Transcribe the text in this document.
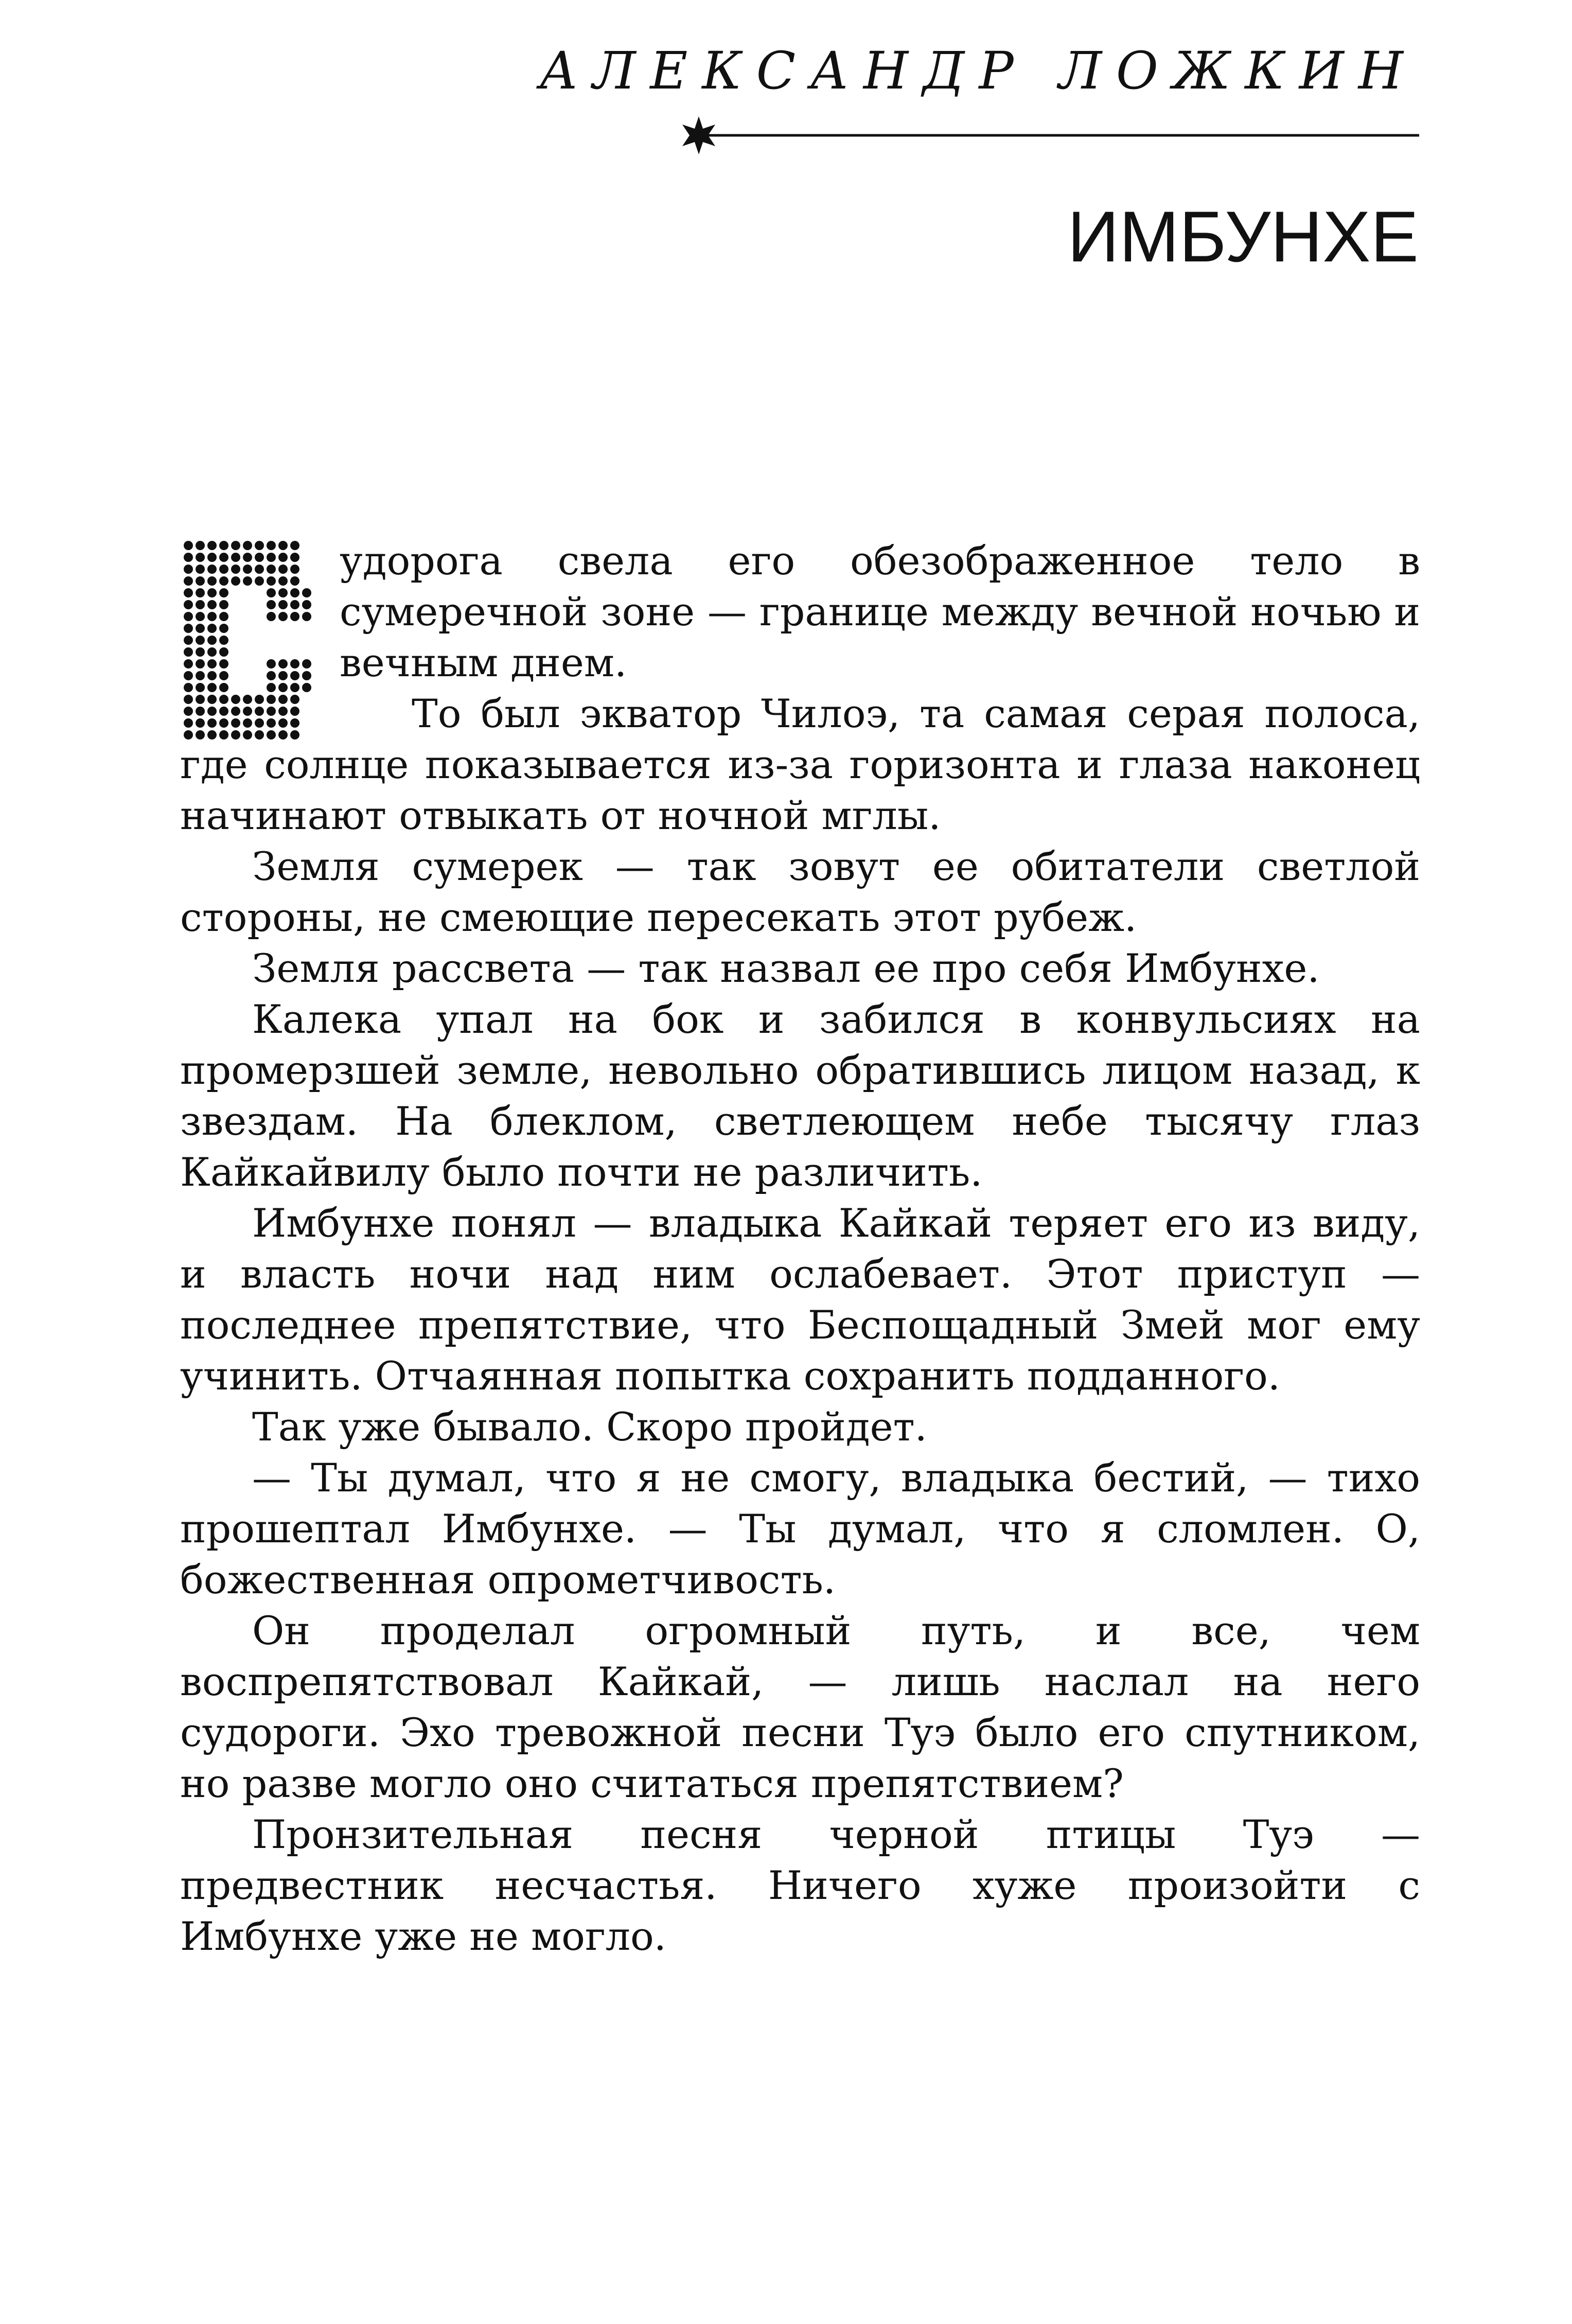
АЛЕКСАНДР ЛОЖКИН
ИМБУНХЕ

удорога свела его обезображенное тело в сумеречной зоне — границе между вечной ночью и вечным днем.

То был экватор Чилоэ, та самая серая полоса, где солнце показывается из-за горизонта и глаза наконец начинают отвыкать от ночной мглы.

Земля сумерек — так зовут ее обитатели светлой стороны, не смеющие пересекать этот рубеж.

Земля рассвета — так назвал ее про себя Имбунхе.

Калека упал на бок и забился в конвульсиях на промерзшей земле, невольно обратившись лицом назад, к звездам. На блеклом, светлеющем небе тысячу глаз Кайкайвилу было почти не различить.

Имбунхе понял — владыка Кайкай теряет его из виду, и власть ночи над ним ослабевает. Этот приступ — последнее препятствие, что Беспощадный Змей мог ему учинить. Отчаянная попытка сохранить подданного.

Так уже бывало. Скоро пройдет.

— Ты думал, что я не смогу, владыка бестий, — тихо прошептал Имбунхе. — Ты думал, что я сломлен. О, божественная опрометчивость.

Он проделал огромный путь, и все, чем воспрепятствовал Кайкай, — лишь наслал на него судороги. Эхо тревожной песни Туэ было его спутником, но разве могло оно считаться препятствием?

Пронзительная песня черной птицы Туэ — предвестник несчастья. Ничего хуже произойти с Имбунхе уже не могло.
